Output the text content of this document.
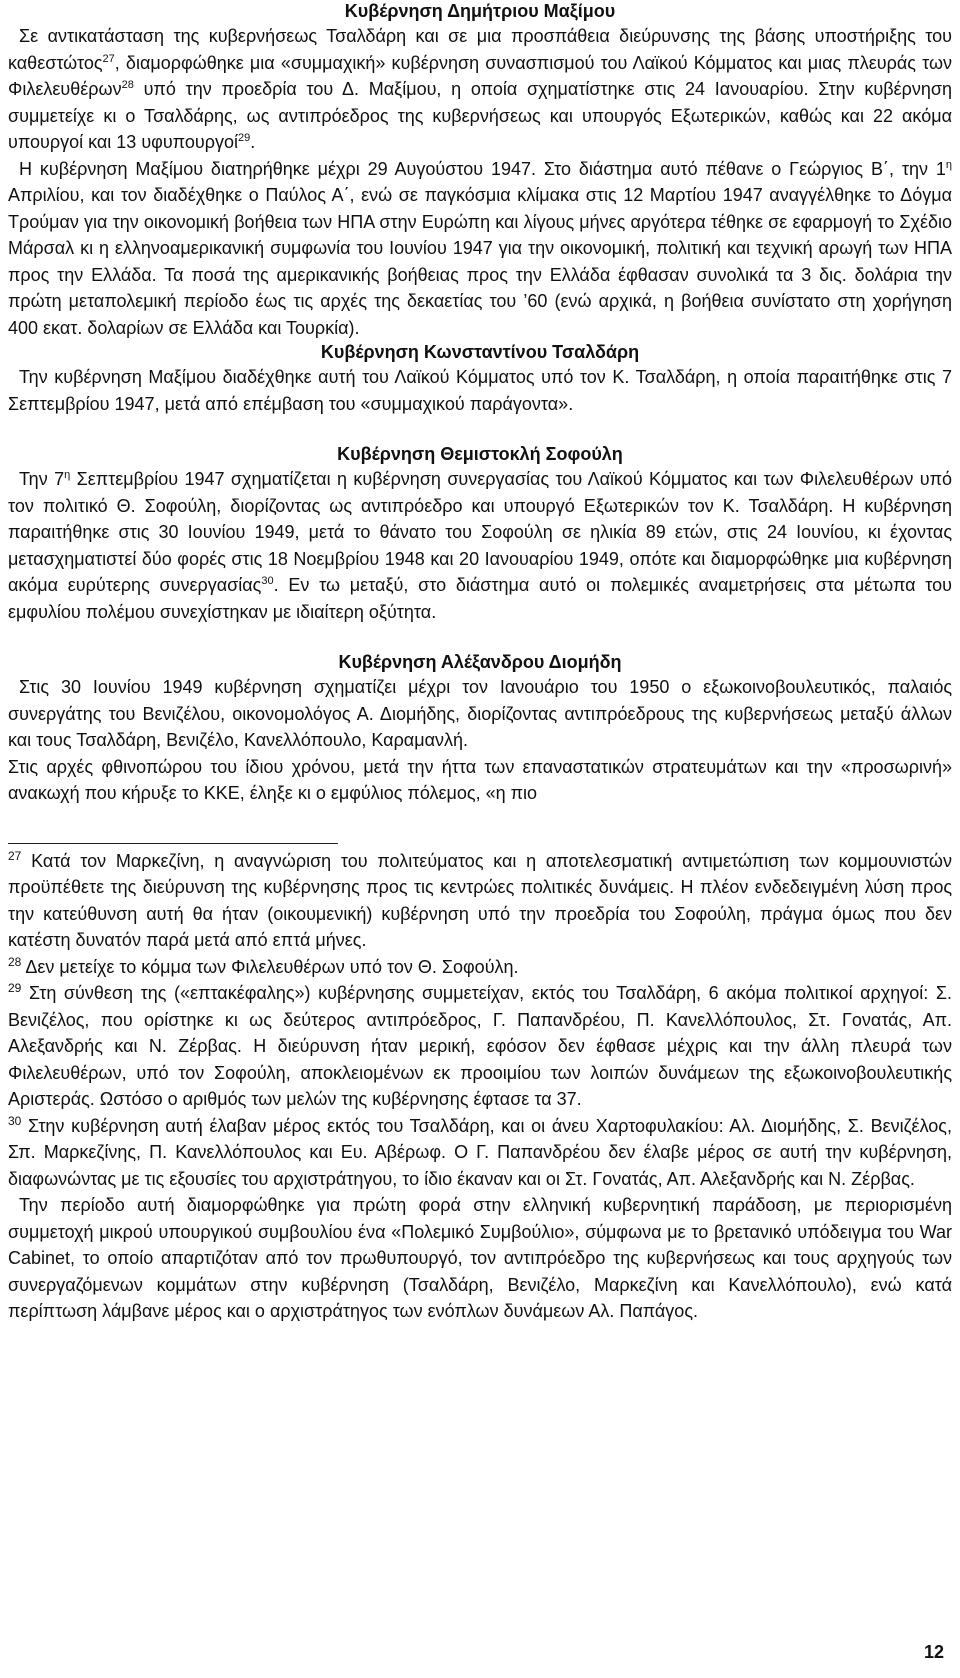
Κυβέρνηση Δημήτριου Μαξίμου

Σε αντικατάσταση της κυβερνήσεως Τσαλδάρη και σε μια προσπάθεια διεύρυνσης της βάσης υποστήριξης του καθεστώτος$^{27}$, διαμορφώθηκε μια «συμμαχική» κυβέρνηση συνασπισμού του Λαϊκού Κόμματος και μιας πλευράς των Φιλελευθέρων$^{28}$ υπό την προεδρία του Δ. Μαξίμου, η οποία σχηματίστηκε στις 24 Ιανουαρίου. Στην κυβέρνηση συμμετείχε κι ο Τσαλδάρης, ως αντιπρόεδρος της κυβερνήσεως και υπουργός Εξωτερικών, καθώς και 22 ακόμα υπουργοί και 13 υφυπουργοί$^{29}$.

Η κυβέρνηση Μαξίμου διατηρήθηκε μέχρι 29 Αυγούστου 1947. Στο διάστημα αυτό πέθανε ο Γεώργιος Β΄, την $1^\eta$ Απριλίου, και τον διαδέχθηκε ο Παύλος Α΄, ενώ σε παγκόσμια κλίμακα στις 12 Μαρτίου 1947 αναγγέλθηκε το Δόγμα Τρούμαν για την οικονομική βοήθεια των ΗΠΑ στην Ευρώπη και λίγους μήνες αργότερα τέθηκε σε εφαρμογή το Σχέδιο Μάρσαλ κι η ελληνοαμερικανική συμφωνία του Ιουνίου 1947 για την οικονομική, πολιτική και τεχνική αρωγή των ΗΠΑ προς την Ελλάδα. Τα ποσά της αμερικανικής βοήθειας προς την Ελλάδα έφθασαν συνολικά τα 3 δις. δολάρια την πρώτη μεταπολεμική περίοδο έως τις αρχές της δεκαετίας του ’60 (ενώ αρχικά, η βοήθεια συνίστατο στη χορήγηση 400 εκατ. δολαρίων σε Ελλάδα και Τουρκία).

Κυβέρνηση Κωνσταντίνου Τσαλδάρη

Την κυβέρνηση Μαξίμου διαδέχθηκε αυτή του Λαϊκού Κόμματος υπό τον Κ. Τσαλδάρη, η οποία παραιτήθηκε στις 7 Σεπτεμβρίου 1947, μετά από επέμβαση του «συμμαχικού παράγοντα».

Κυβέρνηση Θεμιστοκλή Σοφούλη

Την $7^\eta$ Σεπτεμβρίου 1947 σχηματίζεται η κυβέρνηση συνεργασίας του Λαϊκού Κόμματος και των Φιλελευθέρων υπό τον πολιτικό Θ. Σοφούλη, διορίζοντας ως αντιπρόεδρο και υπουργό Εξωτερικών τον Κ. Τσαλδάρη. Η κυβέρνηση παραιτήθηκε στις 30 Ιουνίου 1949, μετά το θάνατο του Σοφούλη σε ηλικία 89 ετών, στις 24 Ιουνίου, κι έχοντας μετασχηματιστεί δύο φορές στις 18 Νοεμβρίου 1948 και 20 Ιανουαρίου 1949, οπότε και διαμορφώθηκε μια κυβέρνηση ακόμα ευρύτερης συνεργασίας$^{30}$. Εν τω μεταξύ, στο διάστημα αυτό οι πολεμικές αναμετρήσεις στα μέτωπα του εμφυλίου πολέμου συνεχίστηκαν με ιδιαίτερη οξύτητα.

Κυβέρνηση Αλέξανδρου Διομήδη

Στις 30 Ιουνίου 1949 κυβέρνηση σχηματίζει μέχρι τον Ιανουάριο του 1950 ο εξωκοινοβουλευτικός, παλαιός συνεργάτης του Βενιζέλου, οικονομολόγος Α. Διομήδης, διορίζοντας αντιπρόεδρους της κυβερνήσεως μεταξύ άλλων και τους Τσαλδάρη, Βενιζέλο, Κανελλόπουλο, Καραμανλή.

Στις αρχές φθινοπώρου του ίδιου χρόνου, μετά την ήττα των επαναστατικών στρατευμάτων και την «προσωρινή» ανακωχή που κήρυξε το ΚΚΕ, έληξε κι ο εμφύλιος πόλεμος, «η πιο

$^{27}$ Κατά τον Μαρκεζίνη, η αναγνώριση του πολιτεύματος και η αποτελεσματική αντιμετώπιση των κομμουνιστών προϋπέθετε της διεύρυνση της κυβέρνησης προς τις κεντρώες πολιτικές δυνάμεις. Η πλέον ενδεδειγμένη λύση προς την κατεύθυνση αυτή θα ήταν (οικουμενική) κυβέρνηση υπό την προεδρία του Σοφούλη, πράγμα όμως που δεν κατέστη δυνατόν παρά μετά από επτά μήνες.

$^{28}$ Δεν μετείχε το κόμμα των Φιλελευθέρων υπό τον Θ. Σοφούλη.

$^{29}$ Στη σύνθεση της («επτακέφαλης») κυβέρνησης συμμετείχαν, εκτός του Τσαλδάρη, 6 ακόμα πολιτικοί αρχηγοί: Σ. Βενιζέλος, που ορίστηκε κι ως δεύτερος αντιπρόεδρος, Γ. Παπανδρέου, Π. Κανελλόπουλος, Στ. Γονατάς, Απ. Αλεξανδρής και Ν. Ζέρβας. Η διεύρυνση ήταν μερική, εφόσον δεν έφθασε μέχρις και την άλλη πλευρά των Φιλελευθέρων, υπό τον Σοφούλη, αποκλειομένων εκ προοιμίου των λοιπών δυνάμεων της εξωκοινοβουλευτικής Αριστεράς. Ωστόσο ο αριθμός των μελών της κυβέρνησης έφτασε τα 37.

$^{30}$ Στην κυβέρνηση αυτή έλαβαν μέρος εκτός του Τσαλδάρη, και οι άνευ Χαρτοφυλακίου: Αλ. Διομήδης, Σ. Βενιζέλος, Σπ. Μαρκεζίνης, Π. Κανελλόπουλος και Ευ. Αβέρωφ. Ο Γ. Παπανδρέου δεν έλαβε μέρος σε αυτή την κυβέρνηση, διαφωνώντας με τις εξουσίες του αρχιστράτηγου, το ίδιο έκαναν και οι Στ. Γονατάς, Απ. Αλεξανδρής και Ν. Ζέρβας.

Την περίοδο αυτή διαμορφώθηκε για πρώτη φορά στην ελληνική κυβερνητική παράδοση, με περιορισμένη συμμετοχή μικρού υπουργικού συμβουλίου ένα «Πολεμικό Συμβούλιο», σύμφωνα με το βρετανικό υπόδειγμα του War Cabinet, το οποίο απαρτιζόταν από τον πρωθυπουργό, τον αντιπρόεδρο της κυβερνήσεως και τους αρχηγούς των συνεργαζόμενων κομμάτων στην κυβέρνηση (Τσαλδάρη, Βενιζέλο, Μαρκεζίνη και Κανελλόπουλο), ενώ κατά περίπτωση λάμβανε μέρος και ο αρχιστράτηγος των ενόπλων δυνάμεων Αλ. Παπάγος.

12
